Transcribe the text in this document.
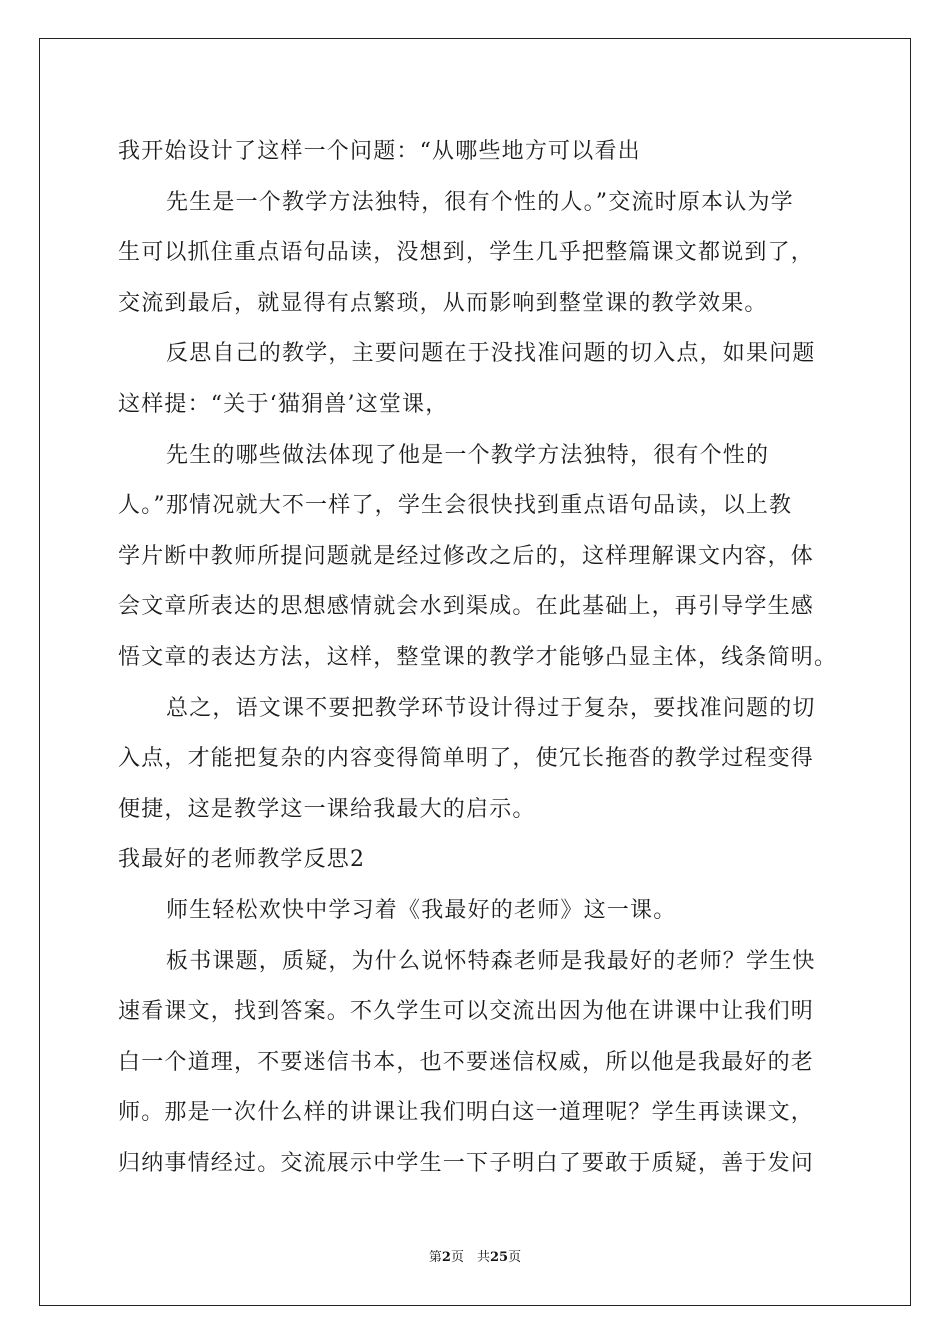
我开始设计了这样一个问题：“从哪些地方可以看出
先生是一个教学方法独特，很有个性的人。”交流时原本认为学
生可以抓住重点语句品读，没想到，学生几乎把整篇课文都说到了，
交流到最后，就显得有点繁琐，从而影响到整堂课的教学效果。
反思自己的教学，主要问题在于没找准问题的切入点，如果问题
这样提：“关于‘猫狷兽’这堂课，
先生的哪些做法体现了他是一个教学方法独特，很有个性的
人。”那情况就大不一样了，学生会很快找到重点语句品读，以上教
学片断中教师所提问题就是经过修改之后的，这样理解课文内容，体
会文章所表达的思想感情就会水到渠成。在此基础上，再引导学生感
悟文章的表达方法，这样，整堂课的教学才能够凸显主体，线条简明。
总之，语文课不要把教学环节设计得过于复杂，要找准问题的切
入点，才能把复杂的内容变得简单明了，使冗长拖沓的教学过程变得
便捷，这是教学这一课给我最大的启示。
我最好的老师教学反思2
师生轻松欢快中学习着《我最好的老师》这一课。
板书课题，质疑，为什么说怀特森老师是我最好的老师？学生快
速看课文，找到答案。不久学生可以交流出因为他在讲课中让我们明
白一个道理，不要迷信书本，也不要迷信权威，所以他是我最好的老
师。那是一次什么样的讲课让我们明白这一道理呢？学生再读课文，
归纳事情经过。交流展示中学生一下子明白了要敢于质疑，善于发问
第2页　共25页
